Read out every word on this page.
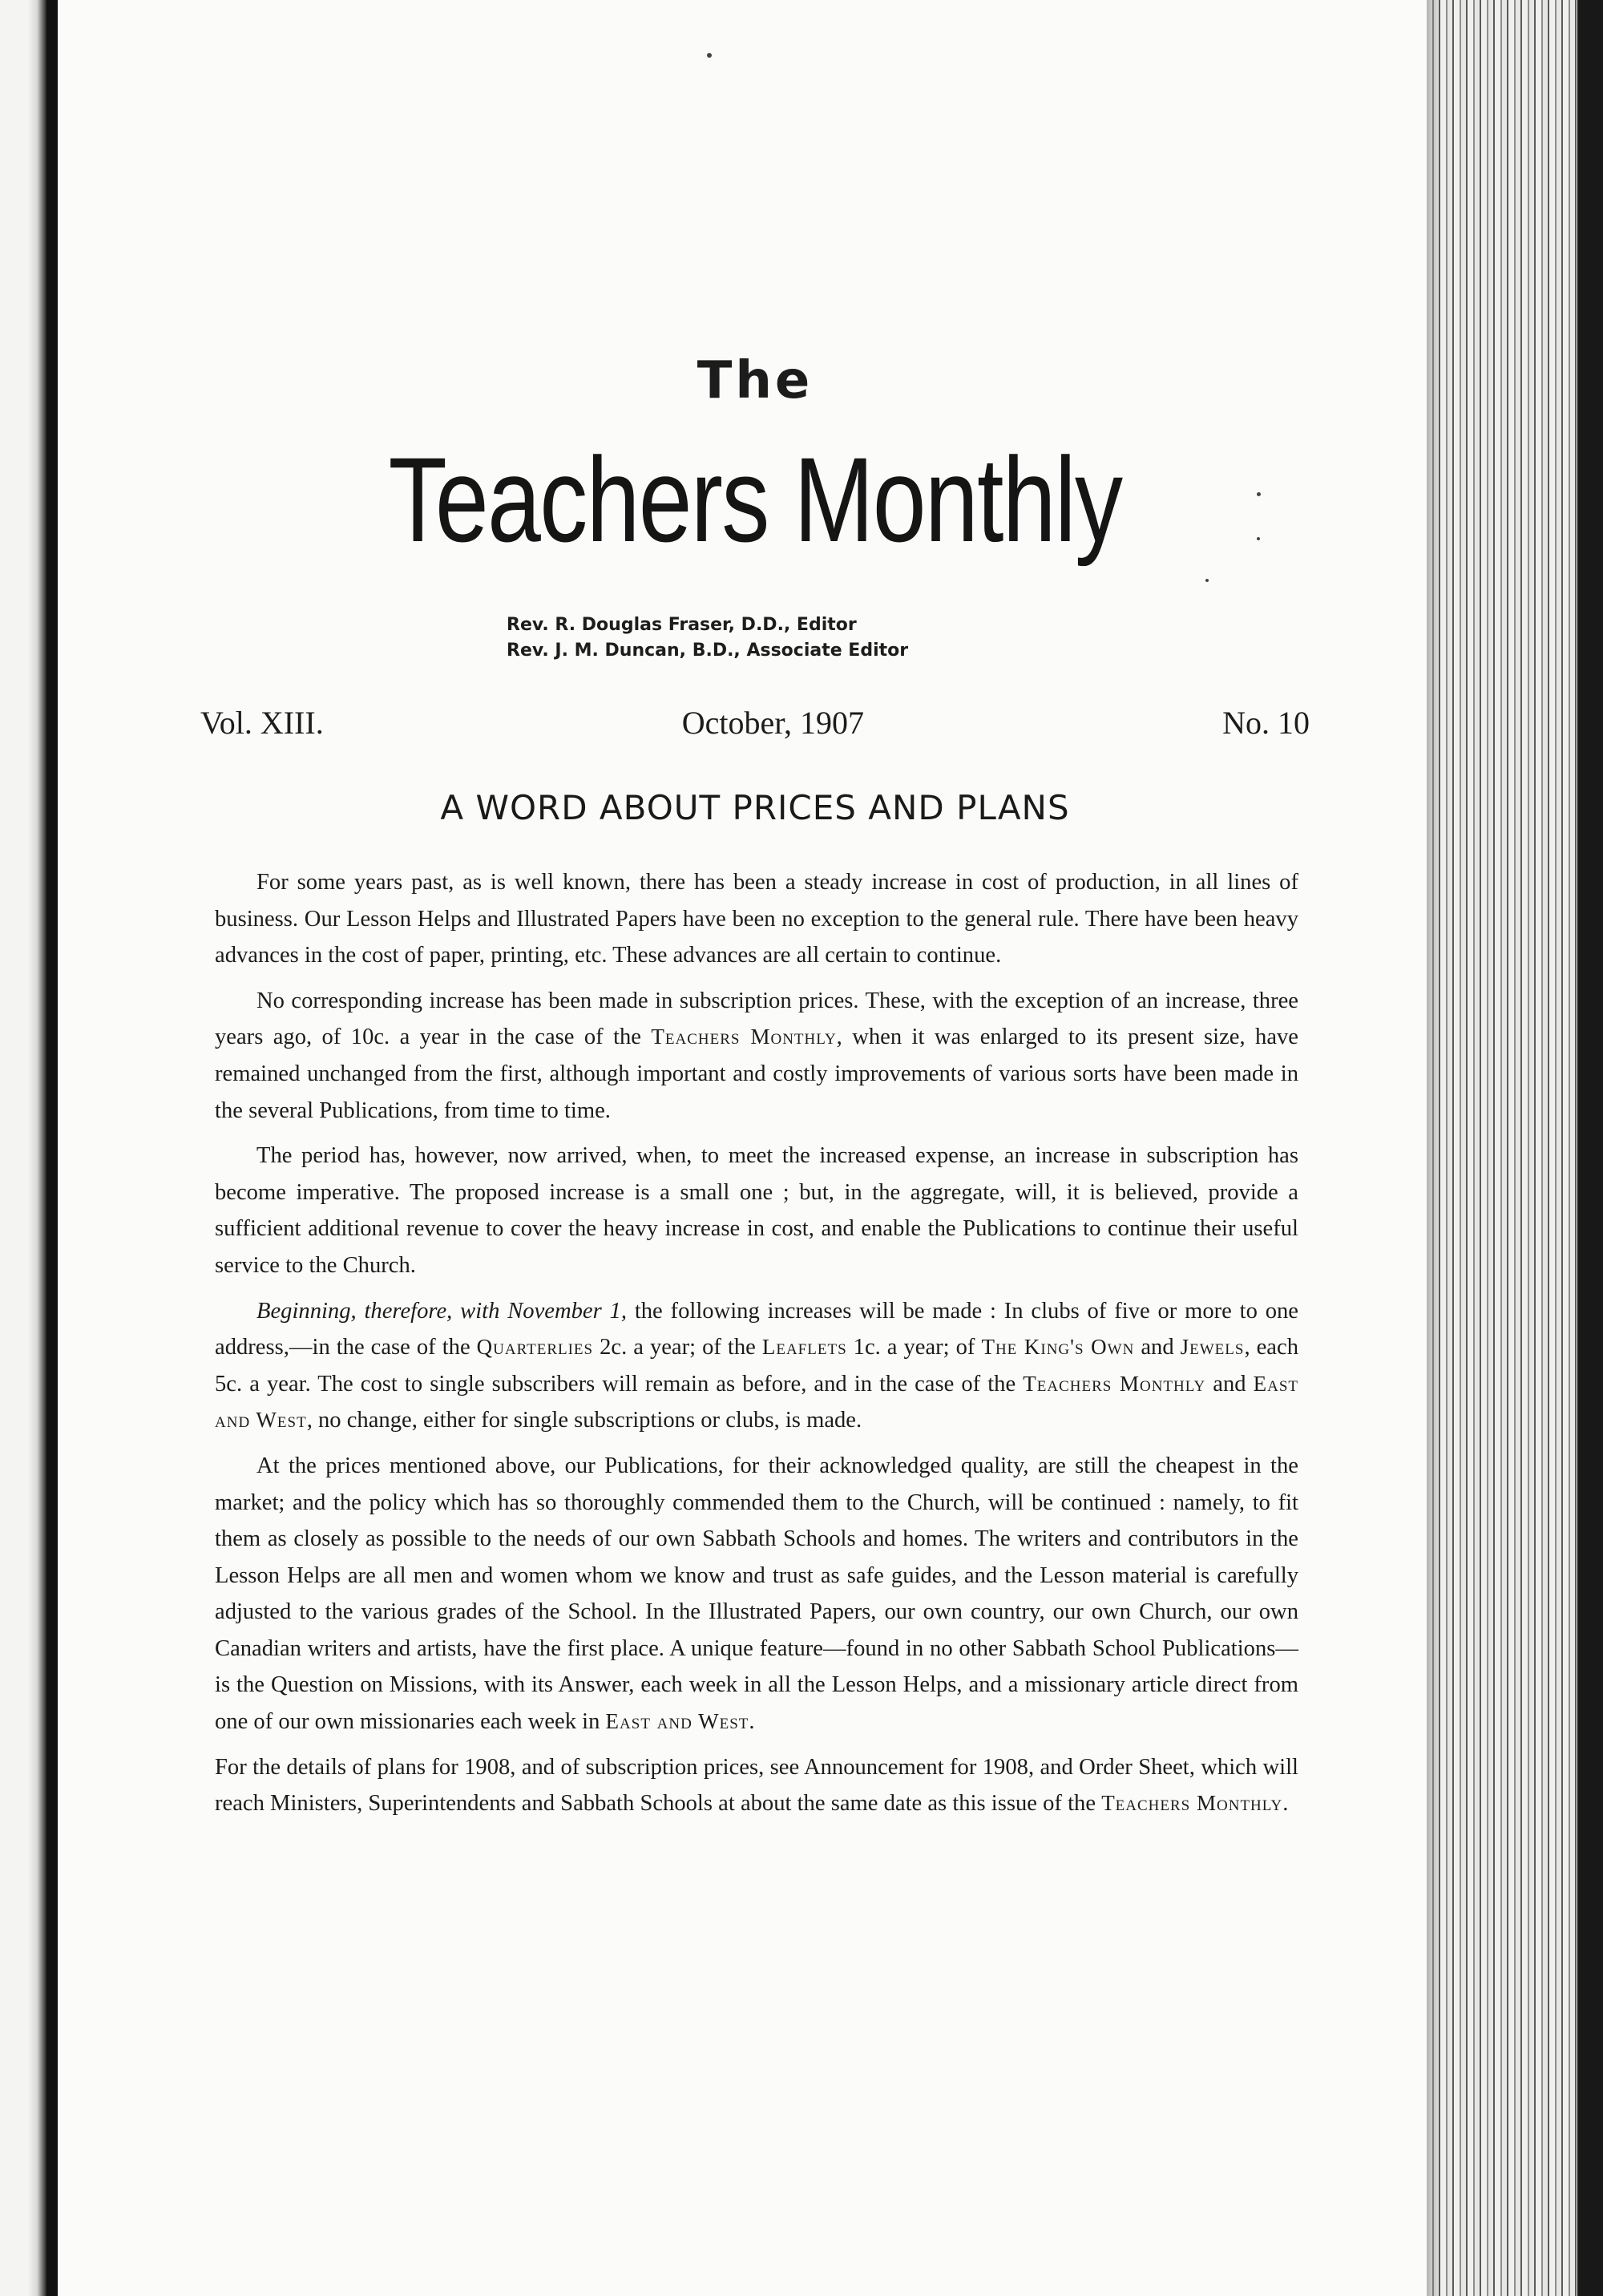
The
Teachers Monthly
Rev. R. Douglas Fraser, D.D., Editor
Rev. J. M. Duncan, B.D., Associate Editor
Vol. XIII.	October, 1907	No. 10
A WORD ABOUT PRICES AND PLANS

For some years past, as is well known, there has been a steady increase in cost of production, in all lines of business. Our Lesson Helps and Illustrated Papers have been no exception to the general rule. There have been heavy advances in the cost of paper, printing, etc. These advances are all certain to continue.

No corresponding increase has been made in subscription prices. These, with the exception of an increase, three years ago, of 10c. a year in the case of the Teachers Monthly, when it was enlarged to its present size, have remained unchanged from the first, although important and costly improvements of various sorts have been made in the several Publications, from time to time.

The period has, however, now arrived, when, to meet the increased expense, an increase in subscription has become imperative. The proposed increase is a small one ; but, in the aggregate, will, it is believed, provide a sufficient additional revenue to cover the heavy increase in cost, and enable the Publications to continue their useful service to the Church.

Beginning, therefore, with November 1, the following increases will be made : In clubs of five or more to one address,—in the case of the Quarterlies 2c. a year; of the Leaflets 1c. a year; of The King's Own and Jewels, each 5c. a year. The cost to single subscribers will remain as before, and in the case of the Teachers Monthly and East and West, no change, either for single subscriptions or clubs, is made.

At the prices mentioned above, our Publications, for their acknowledged quality, are still the cheapest in the market; and the policy which has so thoroughly commended them to the Church, will be continued : namely, to fit them as closely as possible to the needs of our own Sabbath Schools and homes. The writers and contributors in the Lesson Helps are all men and women whom we know and trust as safe guides, and the Lesson material is carefully adjusted to the various grades of the School. In the Illustrated Papers, our own country, our own Church, our own Canadian writers and artists, have the first place. A unique feature—found in no other Sabbath School Publications—is the Question on Missions, with its Answer, each week in all the Lesson Helps, and a missionary article direct from one of our own missionaries each week in East and West.

For the details of plans for 1908, and of subscription prices, see Announcement for 1908, and Order Sheet, which will reach Ministers, Superintendents and Sabbath Schools at about the same date as this issue of the Teachers Monthly.
